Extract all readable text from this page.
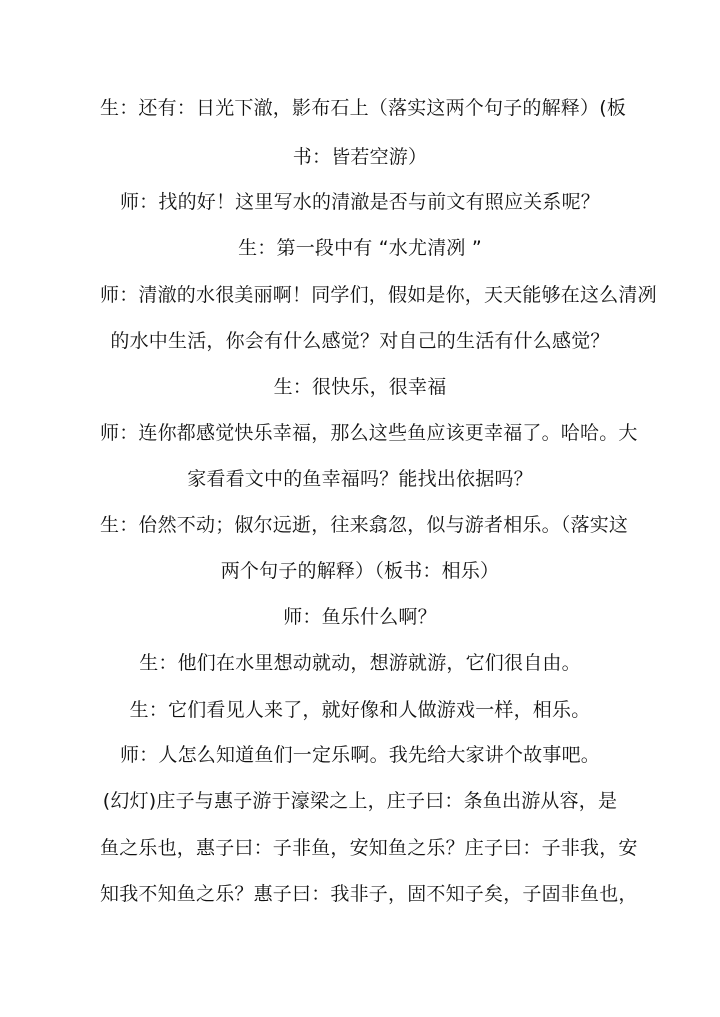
生：还有：日光下澈，影布石上（落实这两个句子的解释）(板
书：皆若空游）
师：找的好！这里写水的清澈是否与前文有照应关系呢？
生：第一段中有 “水尤清冽 ”
师：清澈的水很美丽啊！同学们，假如是你，天天能够在这么清冽
的水中生活，你会有什么感觉？对自己的生活有什么感觉？
生：很快乐，很幸福
师：连你都感觉快乐幸福，那么这些鱼应该更幸福了。哈哈。大
家看看文中的鱼幸福吗？能找出依据吗？
生：佁然不动；俶尔远逝，往来翕忽，似与游者相乐。（落实这
两个句子的解释）（板书：相乐）
师：鱼乐什么啊？
生：他们在水里想动就动，想游就游，它们很自由。
生：它们看见人来了，就好像和人做游戏一样，相乐。
师：人怎么知道鱼们一定乐啊。我先给大家讲个故事吧。
(幻灯)庄子与惠子游于濠梁之上，庄子曰：条鱼出游从容，是
鱼之乐也，惠子曰：子非鱼，安知鱼之乐？庄子曰：子非我，安
知我不知鱼之乐？惠子曰：我非子，固不知子矣，子固非鱼也，
